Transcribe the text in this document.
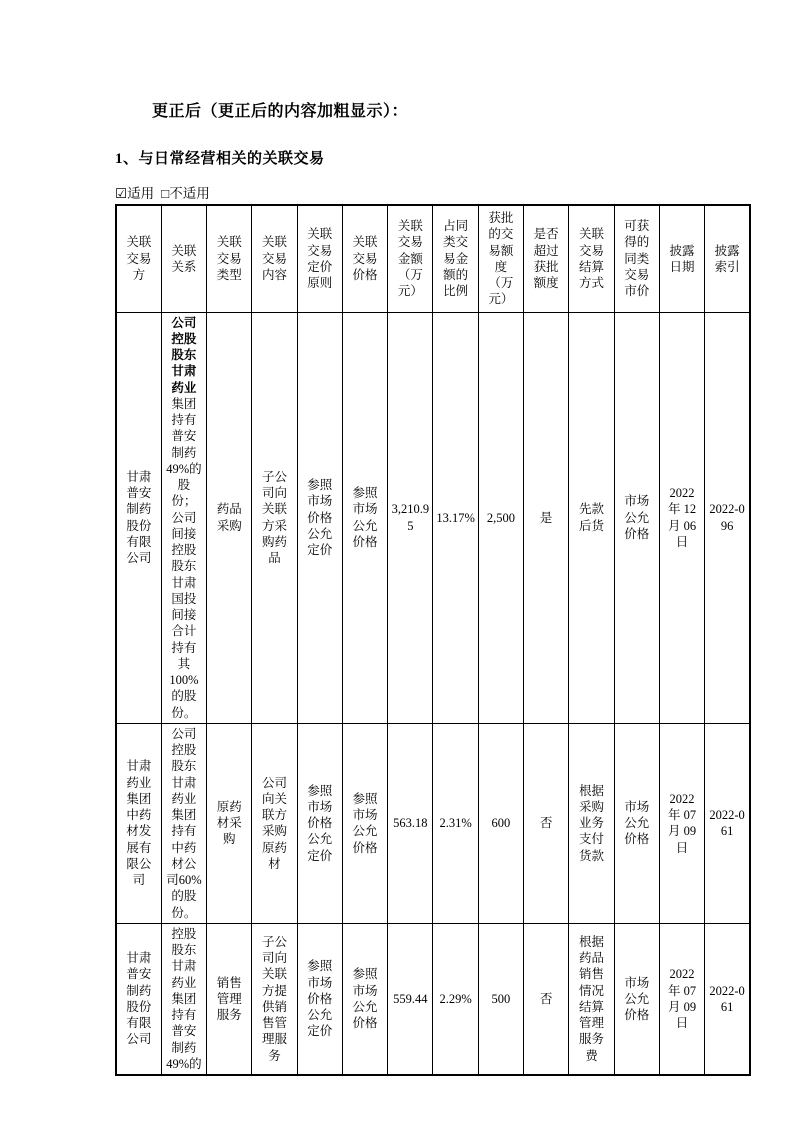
更正后（更正后的内容加粗显示）：
1、与日常经营相关的关联交易
☑适用 □不适用
关联交易方	关联关系	关联交易类型	关联交易内容	关联交易定价原则	关联交易价格	关联交易金额（万元）	占同类交易金额的比例	获批的交易额度（万元）	是否超过获批额度	关联交易结算方式	可获得的同类交易市价	披露日期	披露索引
甘肃普安制药股份有限公司	公司控股股东甘肃药业集团持有普安制药49%的股份；公司间接控股股东甘肃国投间接合计持有其100%的股份。	药品采购	子公司向关联方采购药品	参照市场价格公允定价	参照市场公允价格	3,210.95	13.17%	2,500	是	先款后货	市场公允价格	2022 年 12 月 06 日	2022-096
甘肃药业集团中药材发展有限公司	公司控股股东甘肃药业集团持有中药材公司60%的股份。	原药材采购	公司向关联方采购原药材	参照市场价格公允定价	参照市场公允价格	563.18	2.31%	600	否	根据采购业务支付货款	市场公允价格	2022 年 07 月 09 日	2022-061
甘肃普安制药股份有限公司	控股股东甘肃药业集团持有普安制药49%的	销售管理服务	子公司向关联方提供销售管理服务	参照市场价格公允定价	参照市场公允价格	559.44	2.29%	500	否	根据药品销售情况结算管理服务费	市场公允价格	2022 年 07 月 09 日	2022-061
